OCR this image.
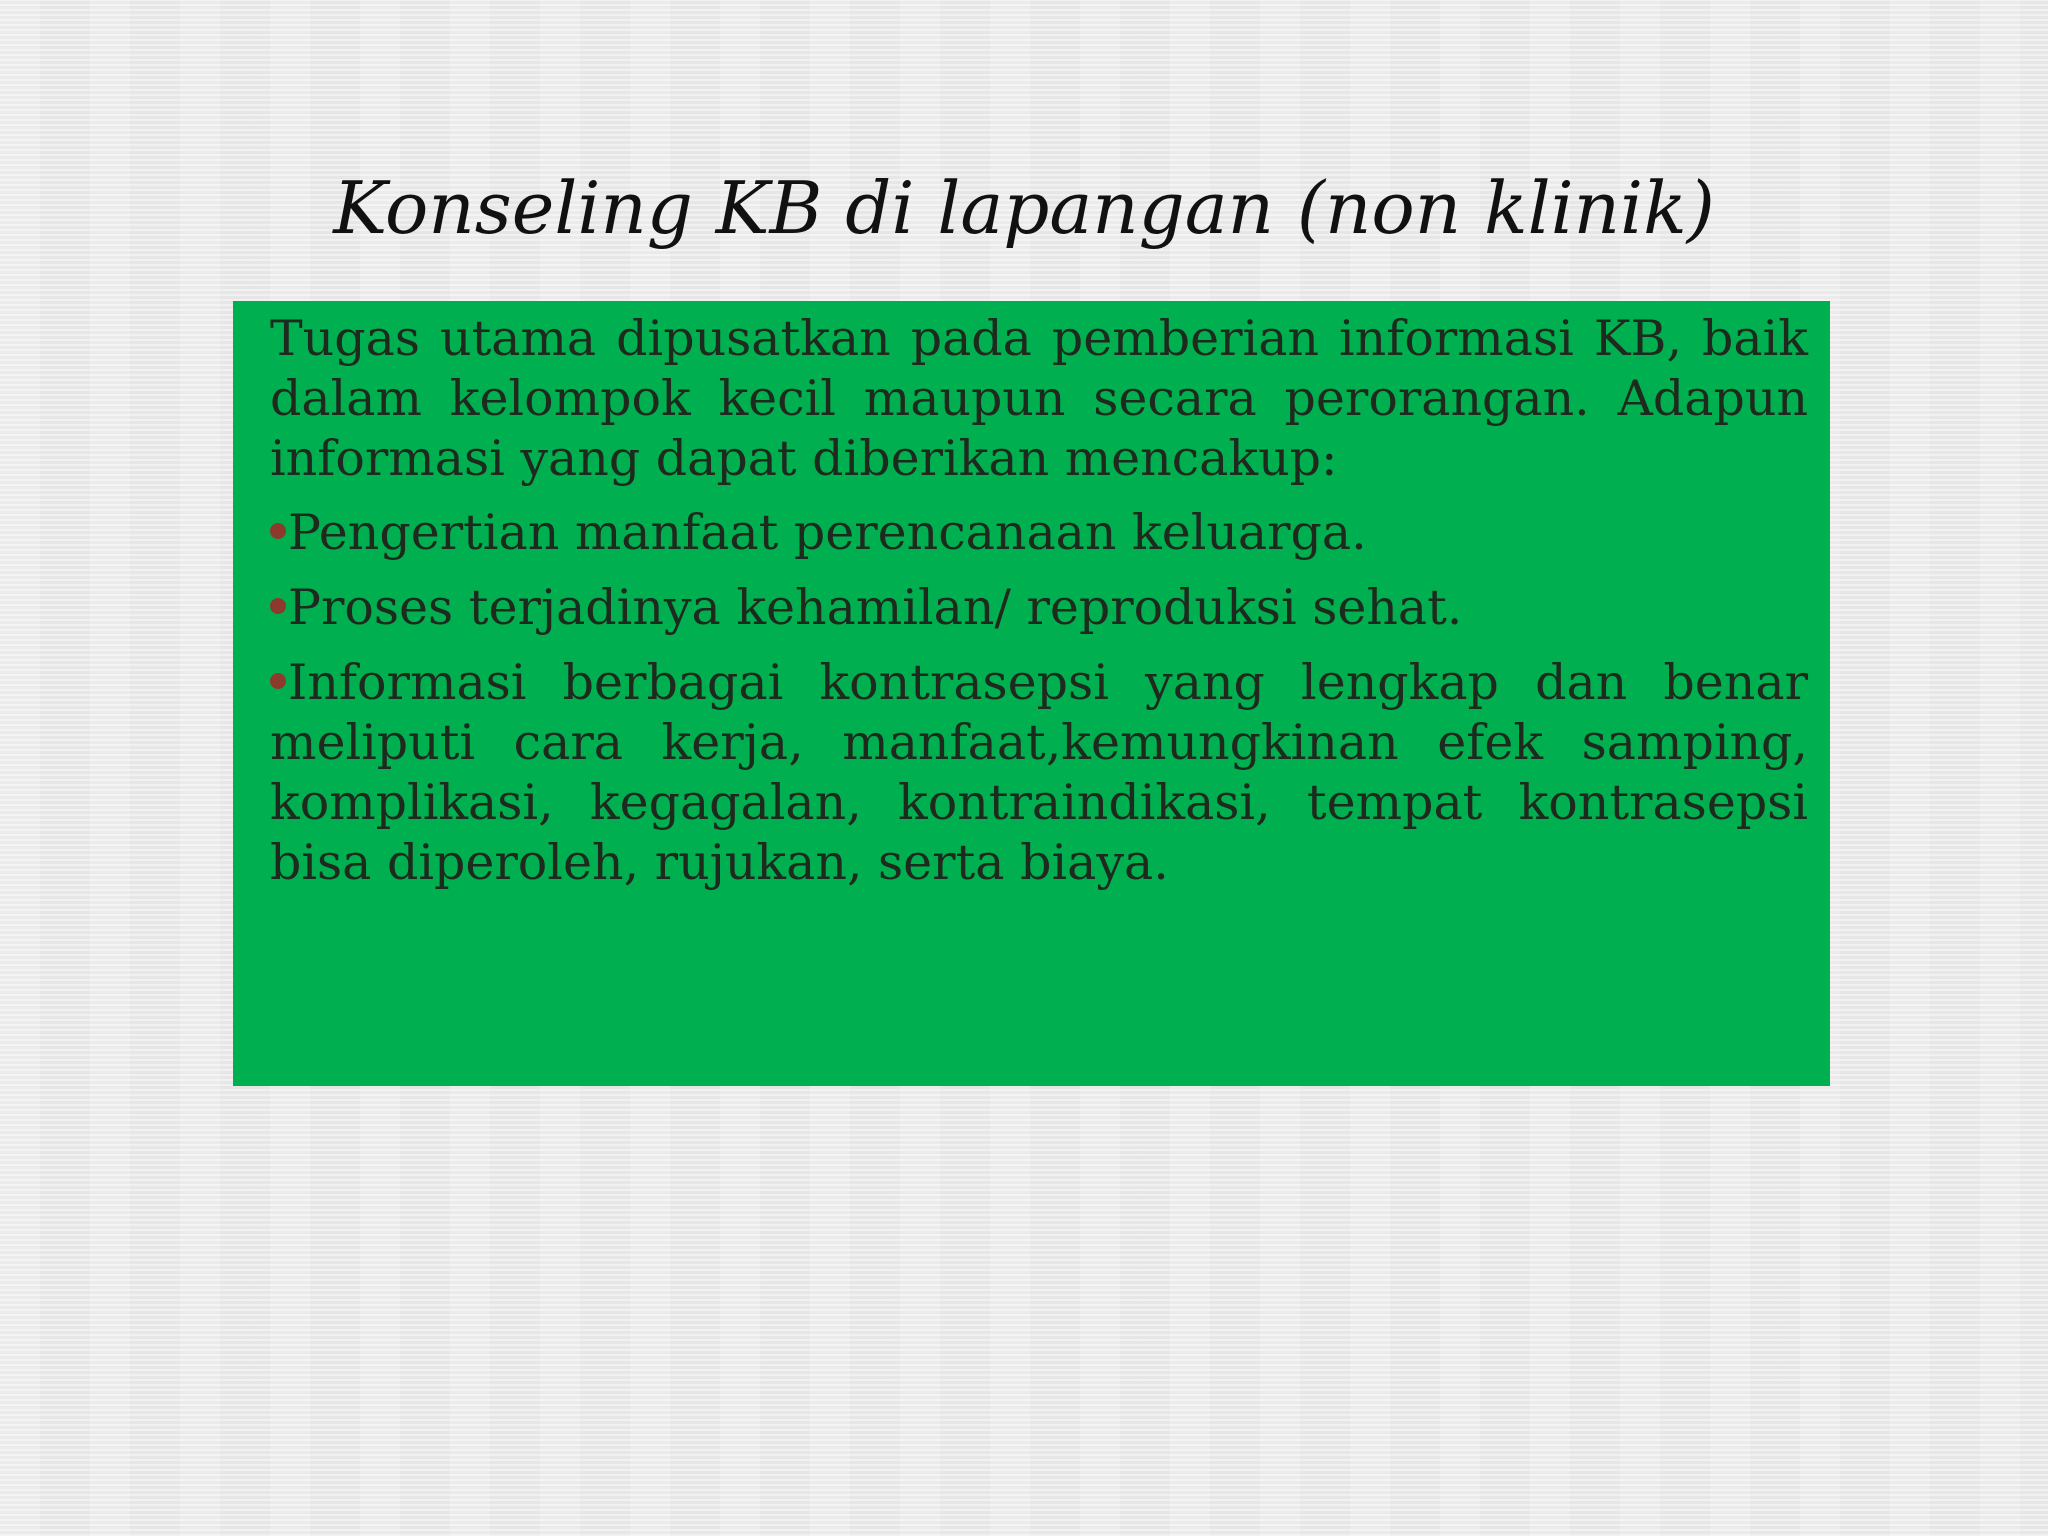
Konseling KB di lapangan (non klinik)

Tugas utama dipusatkan pada pemberian informasi KB, baik dalam kelompok kecil maupun secara perorangan. Adapun informasi yang dapat diberikan mencakup:

Pengertian manfaat perencanaan keluarga.
Proses terjadinya kehamilan/ reproduksi sehat.
Informasi berbagai kontrasepsi yang lengkap dan benar meliputi cara kerja, manfaat,kemungkinan efek samping, komplikasi, kegagalan, kontraindikasi, tempat kontrasepsi bisa diperoleh, rujukan, serta biaya.
